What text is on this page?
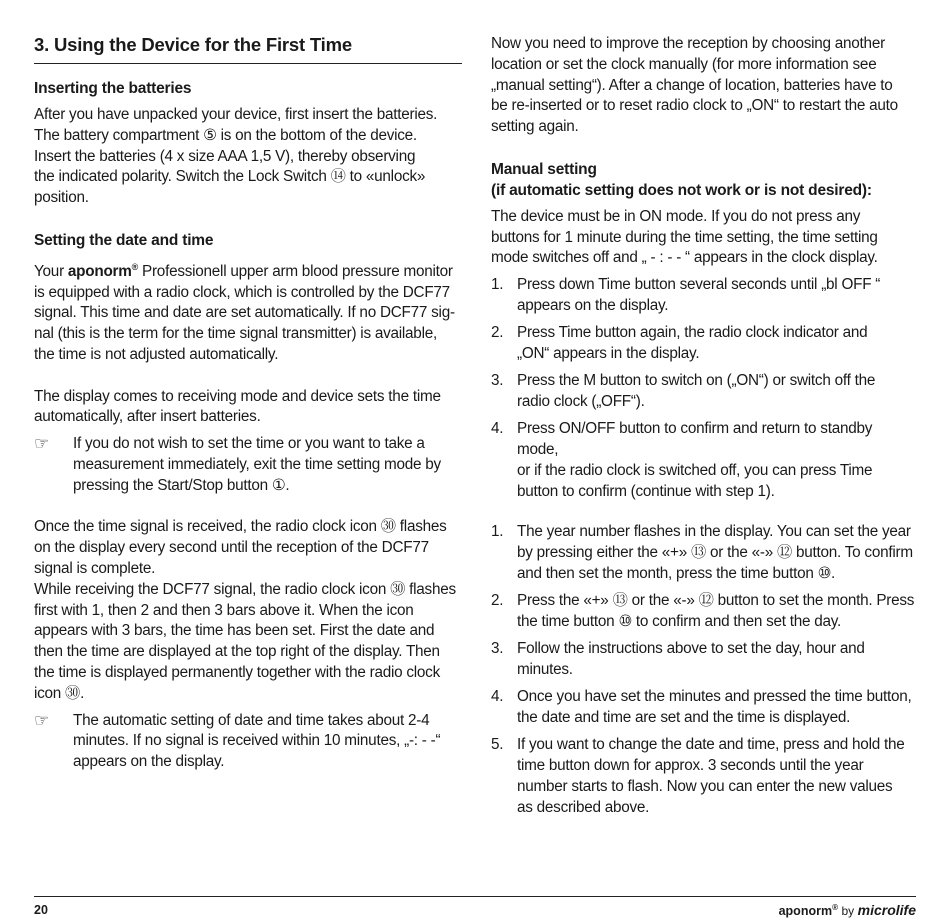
3. Using the Device for the First Time
Inserting the batteries

After you have unpacked your device, first insert the batteries.
The battery compartment ⑤ is on the bottom of the device.
Insert the batteries (4 x size AAA 1,5 V), thereby observing
the indicated polarity. Switch the Lock Switch ⑭ to «unlock»
position.

Setting the date and time

Your aponorm® Professionell upper arm blood pressure monitor
is equipped with a radio clock, which is controlled by the DCF77
signal. This time and date are set automatically. If no DCF77 sig-
nal (this is the term for the time signal transmitter) is available,
the time is not adjusted automatically.

The display comes to receiving mode and device sets the time
automatically, after insert batteries.

☞	If you do not wish to set the time or you want to take a
measurement immediately, exit the time setting mode by
pressing the Start/Stop button ①.

Once the time signal is received, the radio clock icon ㉚ flashes
on the display every second until the reception of the DCF77
signal is complete.
While receiving the DCF77 signal, the radio clock icon ㉚ flashes
first with 1, then 2 and then 3 bars above it. When the icon
appears with 3 bars, the time has been set. First the date and
then the time are displayed at the top right of the display. Then
the time is displayed permanently together with the radio clock
icon ㉚.

☞	The automatic setting of date and time takes about 2-4
minutes. If no signal is received within 10 minutes, „-: - -“
appears on the display.

Now you need to improve the reception by choosing another
location or set the clock manually (for more information see
„manual setting“). After a change of location, batteries have to
be re-inserted or to reset radio clock to „ON“ to restart the auto
setting again.

Manual setting
(if automatic setting does not work or is not desired):

The device must be in ON mode. If you do not press any
buttons for 1 minute during the time setting, the time setting
mode switches off and „ - : - - “ appears in the clock display.

1. Press down Time button several seconds until „bl OFF “
appears on the display.
2. Press Time button again, the radio clock indicator and
„ON“ appears in the display.
3. Press the M button to switch on („ON“) or switch off the
radio clock („OFF“).
4. Press ON/OFF button to confirm and return to standby mode,
or if the radio clock is switched off, you can press Time
button to confirm (continue with step 1).
1. The year number flashes in the display. You can set the year
by pressing either the «+» ⑬ or the «-» ⑫ button. To confirm
and then set the month, press the time button ⑩.
2. Press the «+» ⑬ or the «-» ⑫ button to set the month. Press
the time button ⑩ to confirm and then set the day.
3. Follow the instructions above to set the day, hour and
minutes.
4. Once you have set the minutes and pressed the time button,
the date and time are set and the time is displayed.
5. If you want to change the date and time, press and hold the
time button down for approx. 3 seconds until the year
number starts to flash. Now you can enter the new values
as described above.
20	aponorm® by microlife
